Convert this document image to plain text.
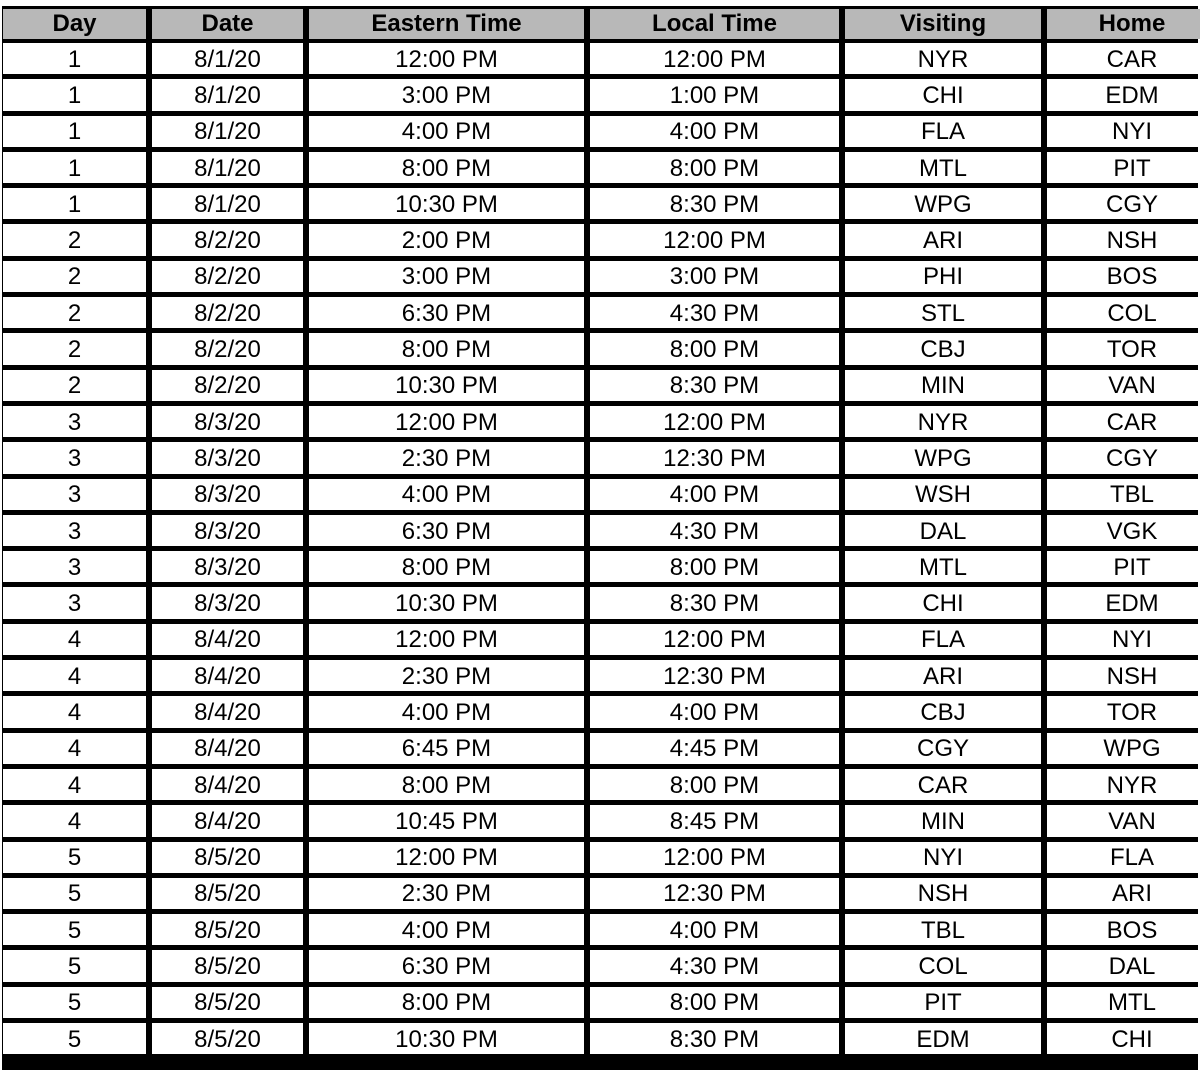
Day	Date	Eastern Time	Local Time	Visiting	Home
1	8/1/20	12:00 PM	12:00 PM	NYR	CAR
1	8/1/20	3:00 PM	1:00 PM	CHI	EDM
1	8/1/20	4:00 PM	4:00 PM	FLA	NYI
1	8/1/20	8:00 PM	8:00 PM	MTL	PIT
1	8/1/20	10:30 PM	8:30 PM	WPG	CGY
2	8/2/20	2:00 PM	12:00 PM	ARI	NSH
2	8/2/20	3:00 PM	3:00 PM	PHI	BOS
2	8/2/20	6:30 PM	4:30 PM	STL	COL
2	8/2/20	8:00 PM	8:00 PM	CBJ	TOR
2	8/2/20	10:30 PM	8:30 PM	MIN	VAN
3	8/3/20	12:00 PM	12:00 PM	NYR	CAR
3	8/3/20	2:30 PM	12:30 PM	WPG	CGY
3	8/3/20	4:00 PM	4:00 PM	WSH	TBL
3	8/3/20	6:30 PM	4:30 PM	DAL	VGK
3	8/3/20	8:00 PM	8:00 PM	MTL	PIT
3	8/3/20	10:30 PM	8:30 PM	CHI	EDM
4	8/4/20	12:00 PM	12:00 PM	FLA	NYI
4	8/4/20	2:30 PM	12:30 PM	ARI	NSH
4	8/4/20	4:00 PM	4:00 PM	CBJ	TOR
4	8/4/20	6:45 PM	4:45 PM	CGY	WPG
4	8/4/20	8:00 PM	8:00 PM	CAR	NYR
4	8/4/20	10:45 PM	8:45 PM	MIN	VAN
5	8/5/20	12:00 PM	12:00 PM	NYI	FLA
5	8/5/20	2:30 PM	12:30 PM	NSH	ARI
5	8/5/20	4:00 PM	4:00 PM	TBL	BOS
5	8/5/20	6:30 PM	4:30 PM	COL	DAL
5	8/5/20	8:00 PM	8:00 PM	PIT	MTL
5	8/5/20	10:30 PM	8:30 PM	EDM	CHI
